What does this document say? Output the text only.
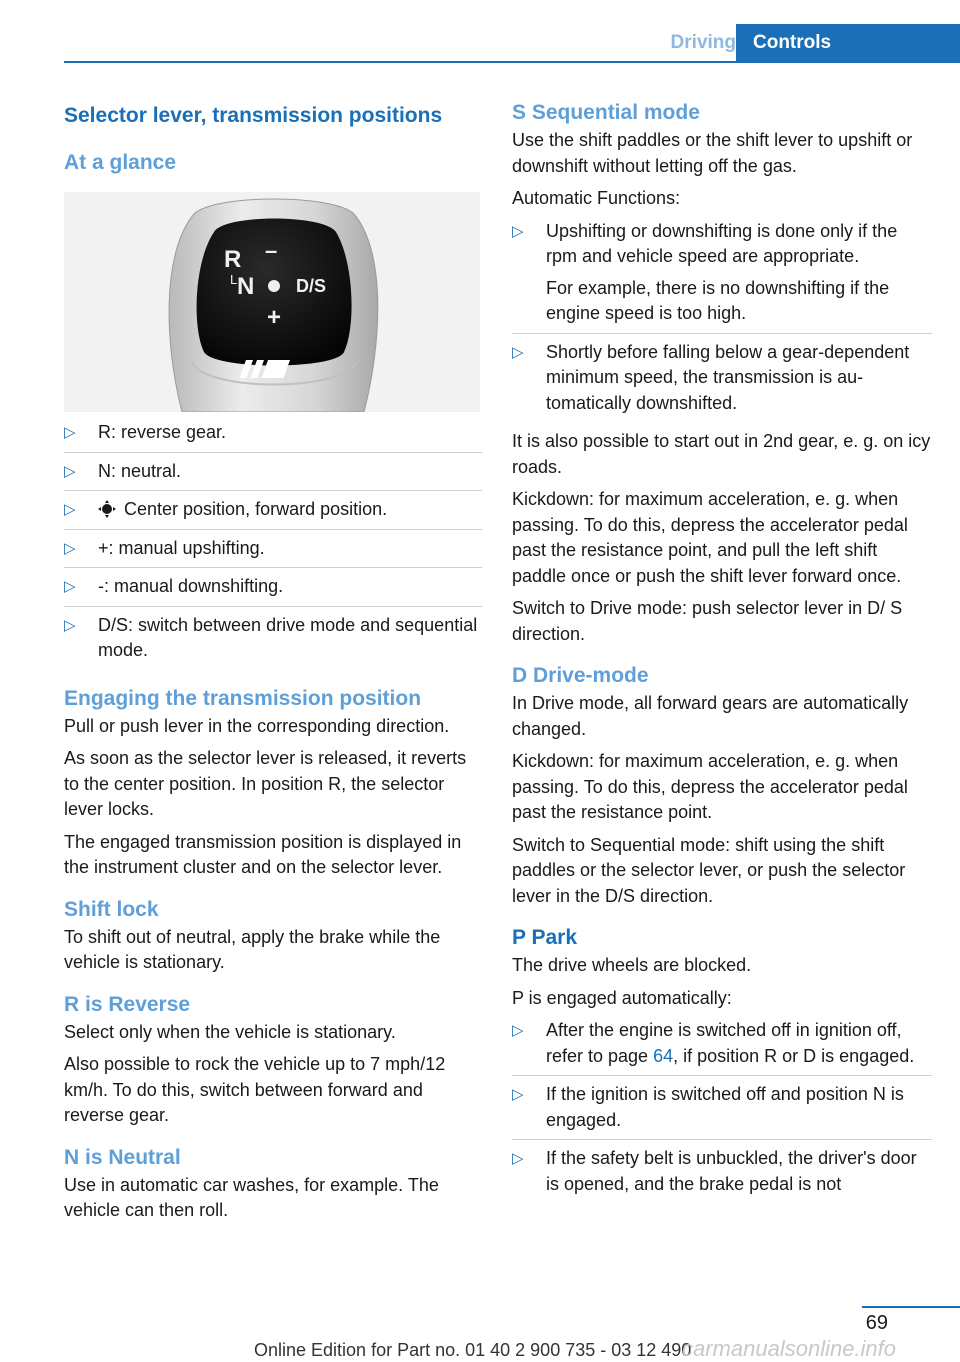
Driving Controls
Selector lever, transmission positions
At a glance
R –
L N D/S
+
▷ R: reverse gear.

▷ N: neutral.

▷	Center position, forward position.

▷ +: manual upshifting.

▷ -: manual downshifting.

▷ D/S: switch between drive mode and sequential mode.

Engaging the transmission position

Pull or push lever in the corresponding direction.

As soon as the selector lever is released, it reverts to the center position. In position R, the selector lever locks.

The engaged transmission position is displayed in the instrument cluster and on the selector lever.

Shift lock

To shift out of neutral, apply the brake while the vehicle is stationary.

R is Reverse

Select only when the vehicle is stationary.

Also possible to rock the vehicle up to 7 mph/12 km/h. To do this, switch between forward and reverse gear.

N is Neutral

Use in automatic car washes, for example. The vehicle can then roll.

S Sequential mode

Use the shift paddles or the shift lever to upshift or downshift without letting off the gas.

Automatic Functions:

▷ Upshifting or downshifting is done only if the rpm and vehicle speed are appropriate.

For example, there is no downshifting if the engine speed is too high.

▷ Shortly before falling below a gear-dependent minimum speed, the transmission is automatically downshifted.

It is also possible to start out in 2nd gear, e. g. on icy roads.

Kickdown: for maximum acceleration, e. g. when passing. To do this, depress the accelerator pedal past the resistance point, and pull the left shift paddle once or push the shift lever forward once.

Switch to Drive mode: push selector lever in D/ S direction.

D Drive-mode

In Drive mode, all forward gears are automatically changed.

Kickdown: for maximum acceleration, e. g. when passing. To do this, depress the accelerator pedal past the resistance point.

Switch to Sequential mode: shift using the shift paddles or the selector lever, or push the selector lever in the D/S direction.

P Park

The drive wheels are blocked.

P is engaged automatically:

▷ After the engine is switched off in ignition off, refer to page 64, if position R or D is engaged.

▷ If the ignition is switched off and position N is engaged.

▷ If the safety belt is unbuckled, the driver's door is opened, and the brake pedal is not

69
Online Edition for Part no. 01 40 2 900 735 - 03 12 490
carmanualsonline.info
